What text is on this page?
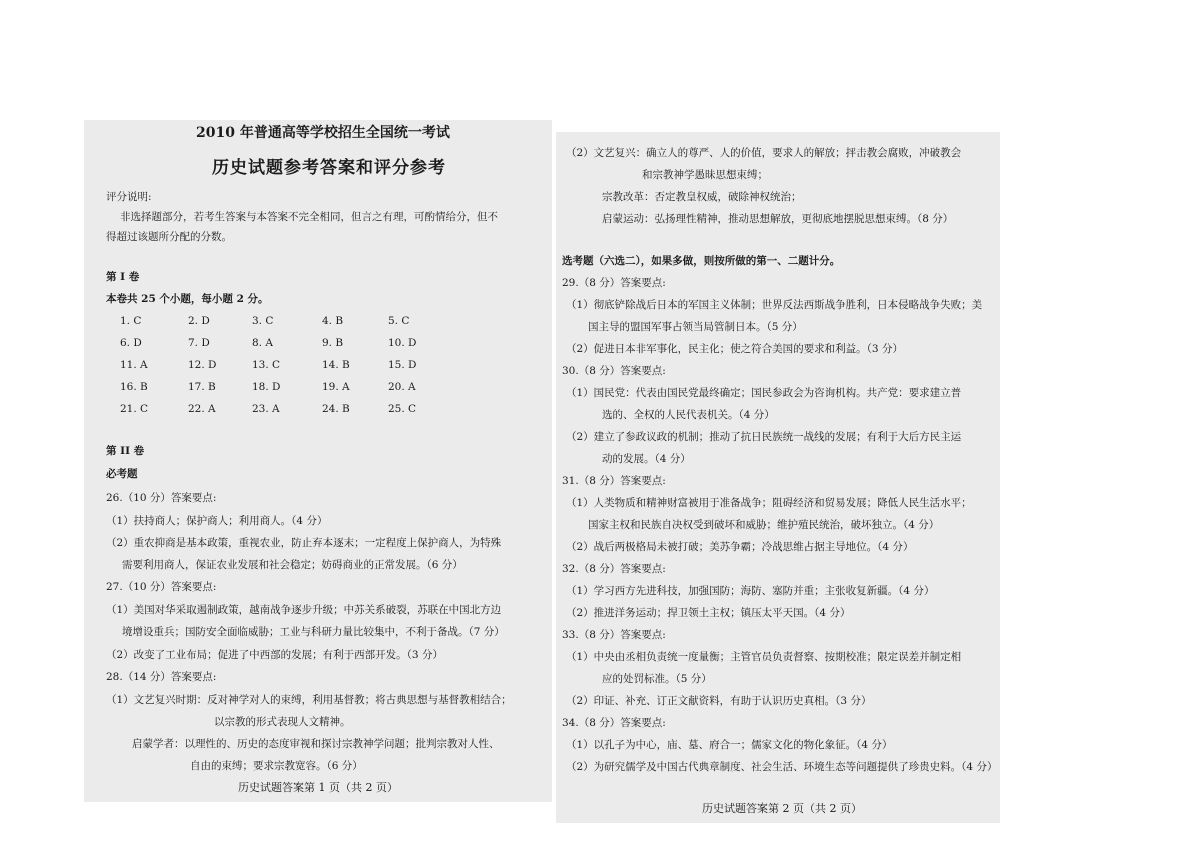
2010 年普通高等学校招生全国统一考试
历史试题参考答案和评分参考
评分说明:
非选择题部分，若考生答案与本答案不完全相同，但言之有理，可酌情给分，但不
得超过该题所分配的分数。
第 I 卷
本卷共 25 个小题，每小题 2 分。
1. C	2. D	3. C	4. B	5. C
6. D	7. D	8. A	9. B	10. D
11. A	12. D	13. C	14. B	15. D
16. B	17. B	18. D	19. A	20. A
21. C	22. A	23. A	24. B	25. C
第 II 卷
必考题
26.（10 分）答案要点:
（1）扶持商人；保护商人；利用商人。（4 分）
（2）重农抑商是基本政策，重视农业，防止弃本逐末；一定程度上保护商人，为特殊
需要利用商人，保证农业发展和社会稳定；妨碍商业的正常发展。（6 分）
27.（10 分）答案要点:
（1）美国对华采取遏制政策，越南战争逐步升级；中苏关系破裂，苏联在中国北方边
境增设重兵；国防安全面临威胁；工业与科研力量比较集中，不利于备战。（7 分）
（2）改变了工业布局；促进了中西部的发展；有利于西部开发。（3 分）
28.（14 分）答案要点:
（1）文艺复兴时期：反对神学对人的束缚，利用基督教；将古典思想与基督教相结合；
以宗教的形式表现人文精神。
启蒙学者：以理性的、历史的态度审视和探讨宗教神学问题；批判宗教对人性、
自由的束缚；要求宗教宽容。（6 分）
历史试题答案第 1 页（共 2 页）
（2）文艺复兴：确立人的尊严、人的价值，要求人的解放；抨击教会腐败，冲破教会
和宗教神学愚昧思想束缚；
宗教改革：否定教皇权威，破除神权统治；
启蒙运动：弘扬理性精神，推动思想解放，更彻底地摆脱思想束缚。（8 分）
选考题（六选二），如果多做，则按所做的第一、二题计分。
29.（8 分）答案要点:
（1）彻底铲除战后日本的军国主义体制；世界反法西斯战争胜利，日本侵略战争失败；美
国主导的盟国军事占领当局管制日本。（5 分）
（2）促进日本非军事化，民主化；使之符合美国的要求和利益。（3 分）
30.（8 分）答案要点:
（1）国民党：代表由国民党最终确定；国民参政会为咨询机构。共产党：要求建立普
选的、全权的人民代表机关。（4 分）
（2）建立了参政议政的机制；推动了抗日民族统一战线的发展；有利于大后方民主运
动的发展。（4 分）
31.（8 分）答案要点:
（1）人类物质和精神财富被用于准备战争；阻碍经济和贸易发展；降低人民生活水平；
国家主权和民族自决权受到破坏和威胁；维护殖民统治，破坏独立。（4 分）
（2）战后两极格局未被打破；美苏争霸；冷战思维占据主导地位。（4 分）
32.（8 分）答案要点:
（1）学习西方先进科技，加强国防；海防、塞防并重；主张收复新疆。（4 分）
（2）推进洋务运动；捍卫领土主权；镇压太平天国。（4 分）
33.（8 分）答案要点:
（1）中央由丞相负责统一度量衡；主管官员负责督察、按期校准；限定误差并制定相
应的处罚标准。（5 分）
（2）印证、补充、订正文献资料，有助于认识历史真相。（3 分）
34.（8 分）答案要点:
（1）以孔子为中心，庙、墓、府合一；儒家文化的物化象征。（4 分）
（2）为研究儒学及中国古代典章制度、社会生活、环境生态等问题提供了珍贵史料。（4 分）
历史试题答案第 2 页（共 2 页）
